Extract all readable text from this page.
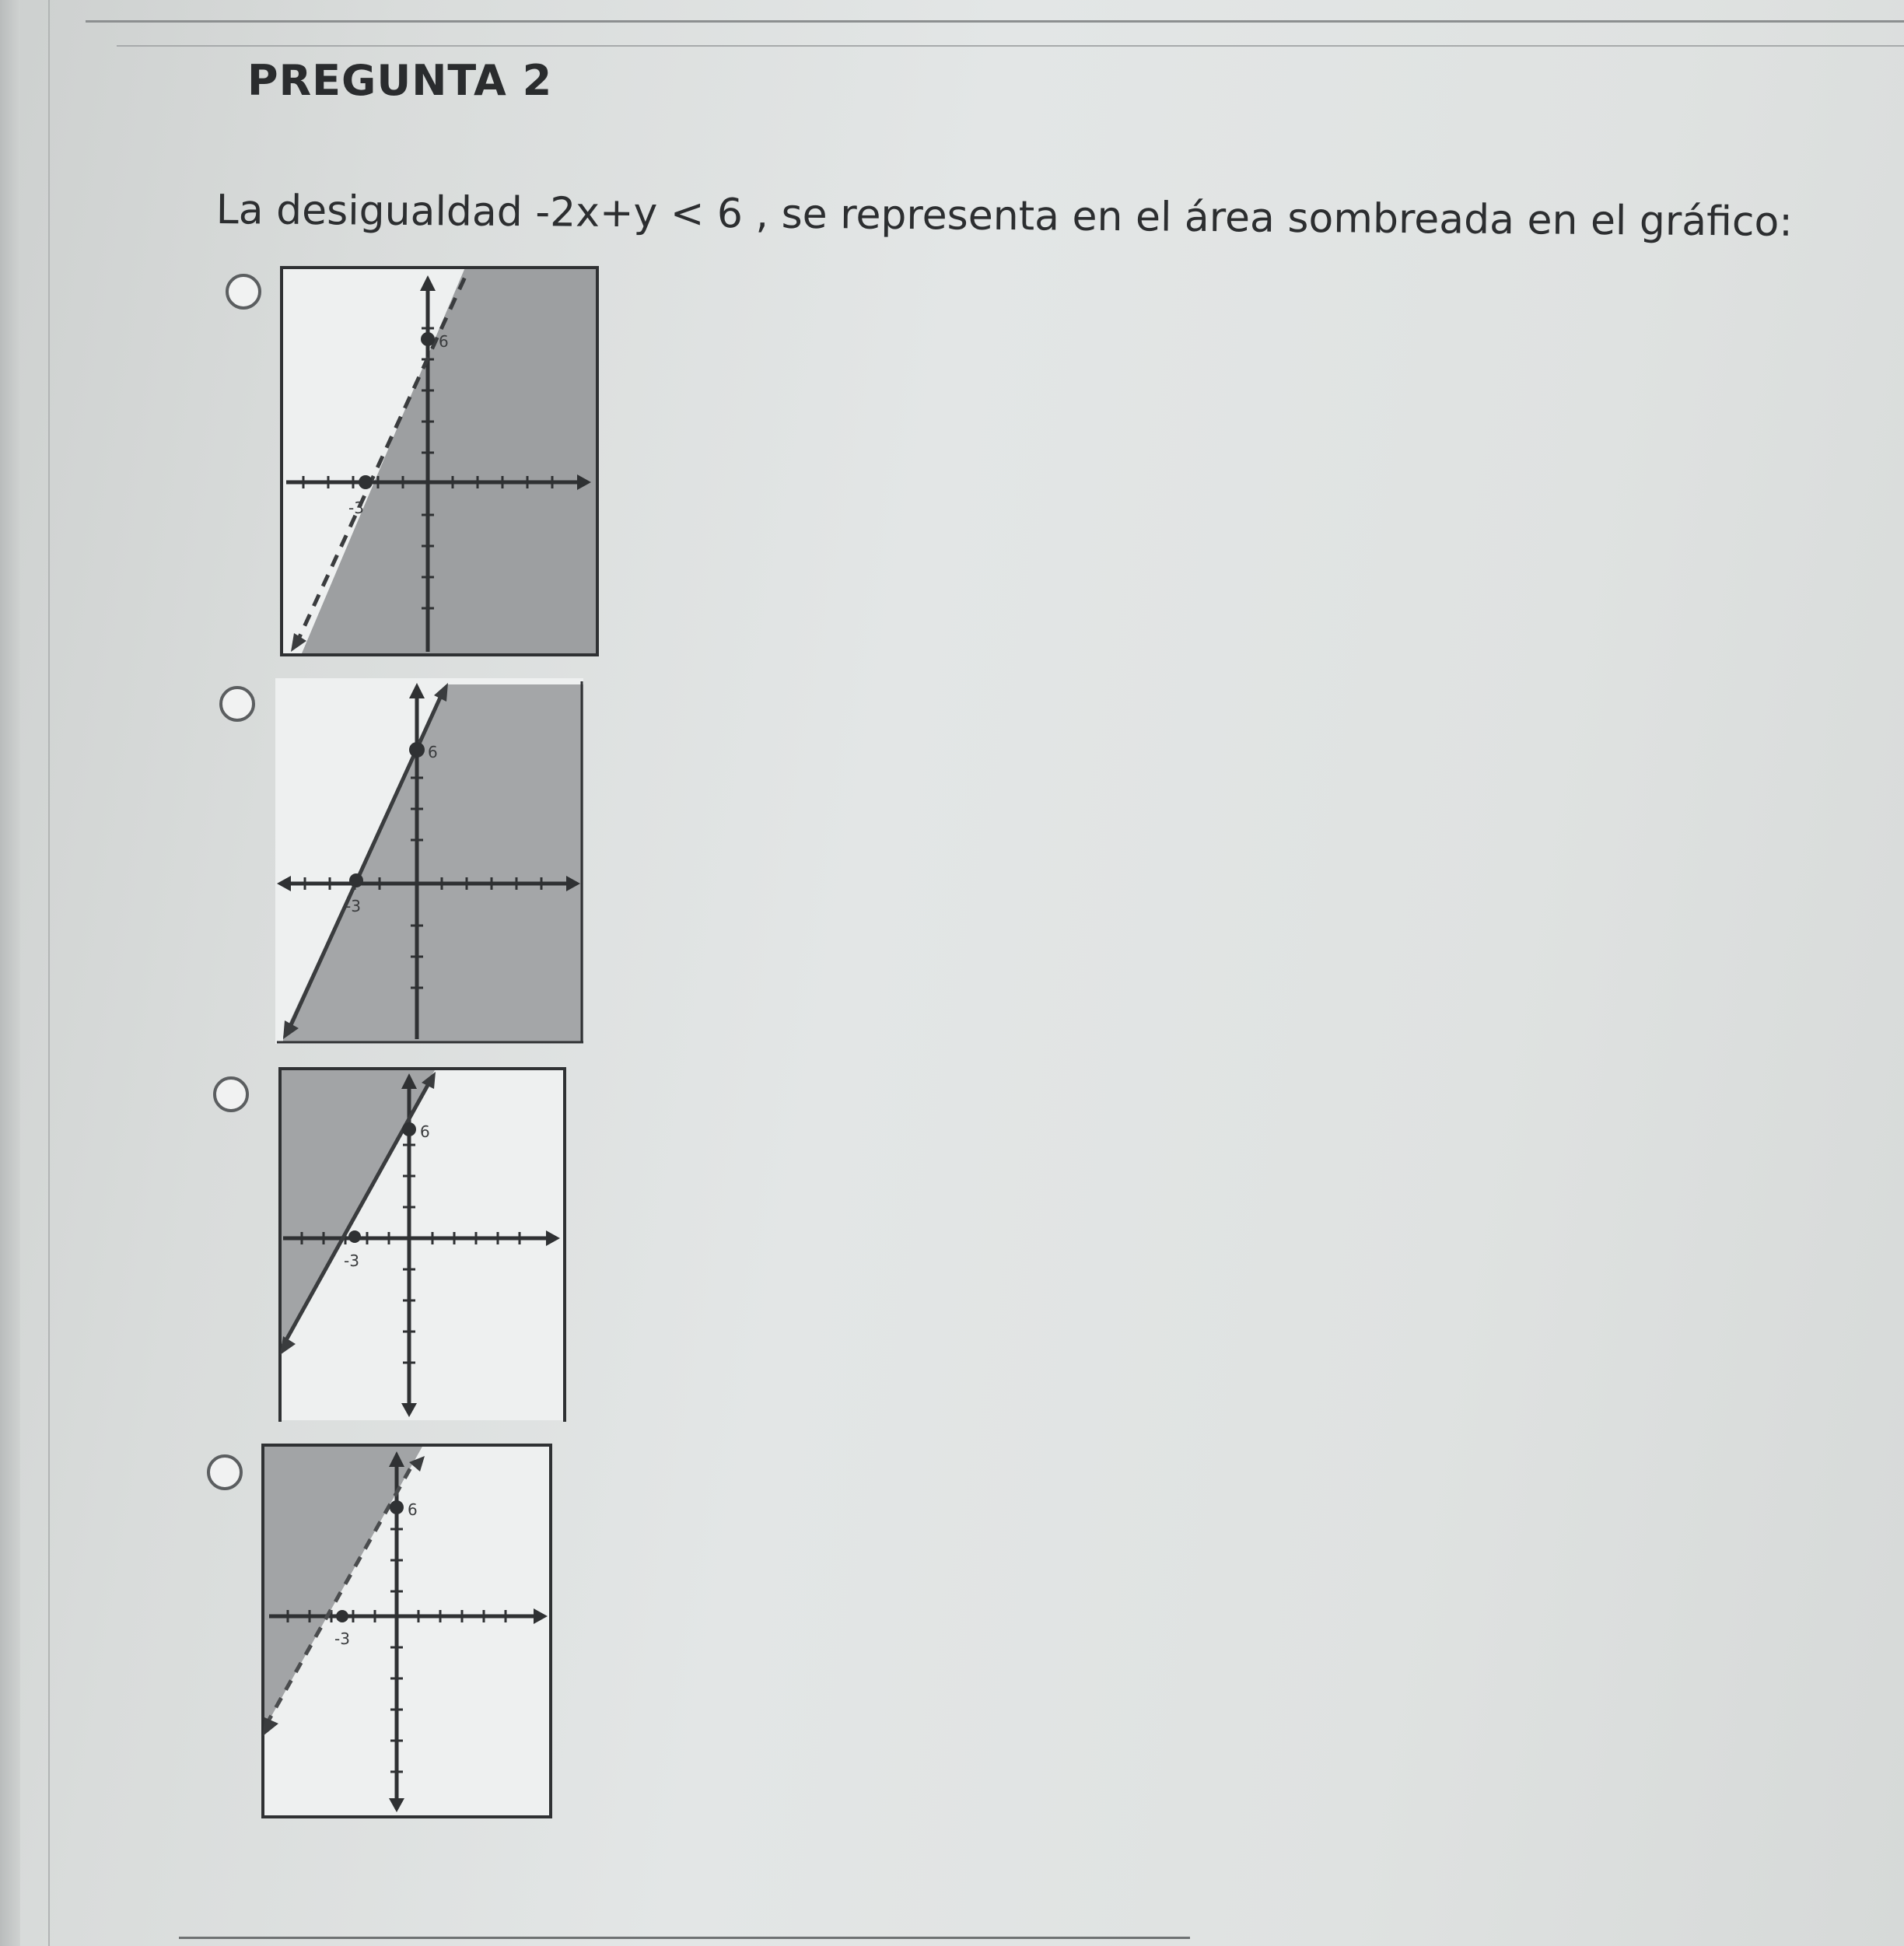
PREGUNTA 2
La desigualdad -2x+y < 6 , se representa en el área sombreada en el gráfico:
6
-3
6
-3
6
-3
6
-3
